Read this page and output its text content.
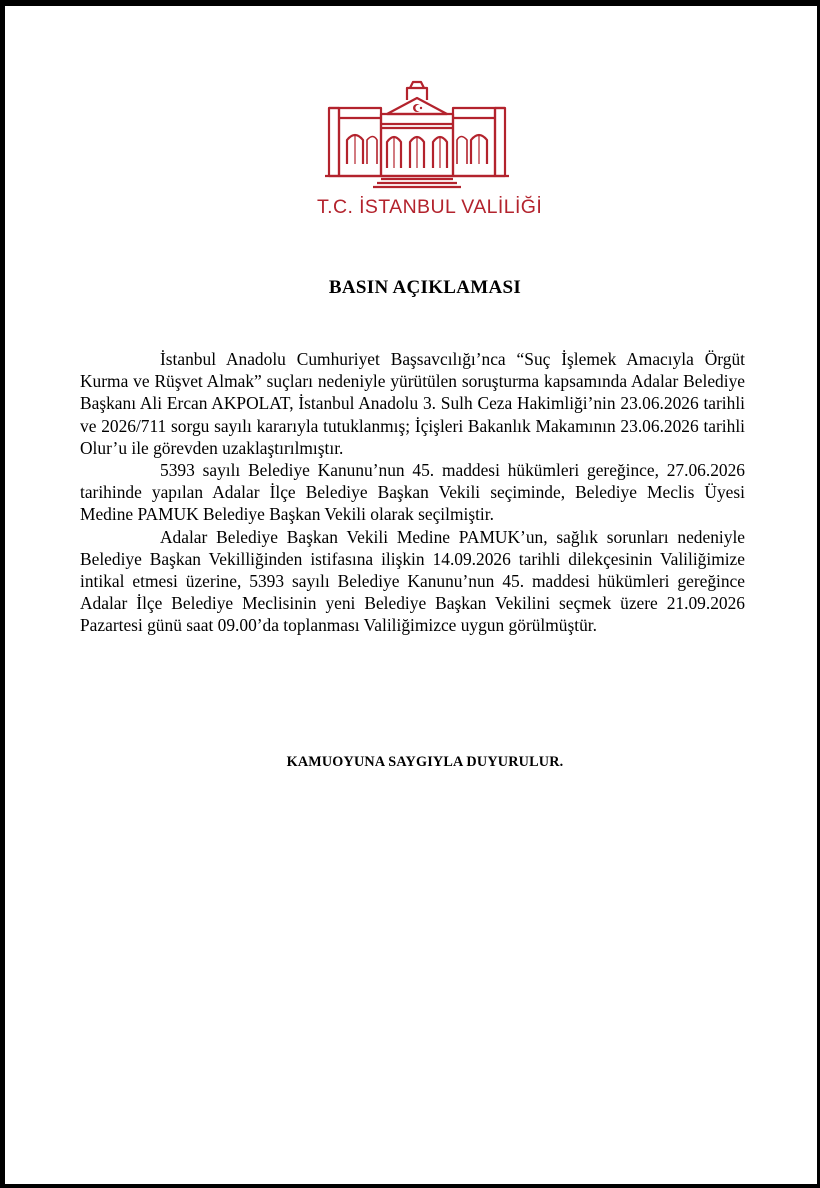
T.C. İSTANBUL VALİLİĞİ
BASIN AÇIKLAMASI

İstanbul Anadolu Cumhuriyet Başsavcılığı’nca “Suç İşlemek Amacıyla Örgüt Kurma ve Rüşvet Almak” suçları nedeniyle yürütülen soruşturma kapsamında Adalar Belediye Başkanı Ali Ercan AKPOLAT, İstanbul Anadolu 3. Sulh Ceza Hakimliği’nin 23.06.2026 tarihli ve 2026/711 sorgu sayılı kararıyla tutuklanmış; İçişleri Bakanlık Makamının 23.06.2026 tarihli Olur’u ile görevden uzaklaştırılmıştır.

5393 sayılı Belediye Kanunu’nun 45. maddesi hükümleri gereğince, 27.06.2026 tarihinde yapılan Adalar İlçe Belediye Başkan Vekili seçiminde, Belediye Meclis Üyesi Medine PAMUK Belediye Başkan Vekili olarak seçilmiştir.

Adalar Belediye Başkan Vekili Medine PAMUK’un, sağlık sorunları nedeniyle Belediye Başkan Vekilliğinden istifasına ilişkin 14.09.2026 tarihli dilekçesinin Valiliğimize intikal etmesi üzerine, 5393 sayılı Belediye Kanunu’nun 45. maddesi hükümleri gereğince Adalar İlçe Belediye Meclisinin yeni Belediye Başkan Vekilini seçmek üzere 21.09.2026 Pazartesi günü saat 09.00’da toplanması Valiliğimizce uygun görülmüştür.

KAMUOYUNA SAYGIYLA DUYURULUR.
